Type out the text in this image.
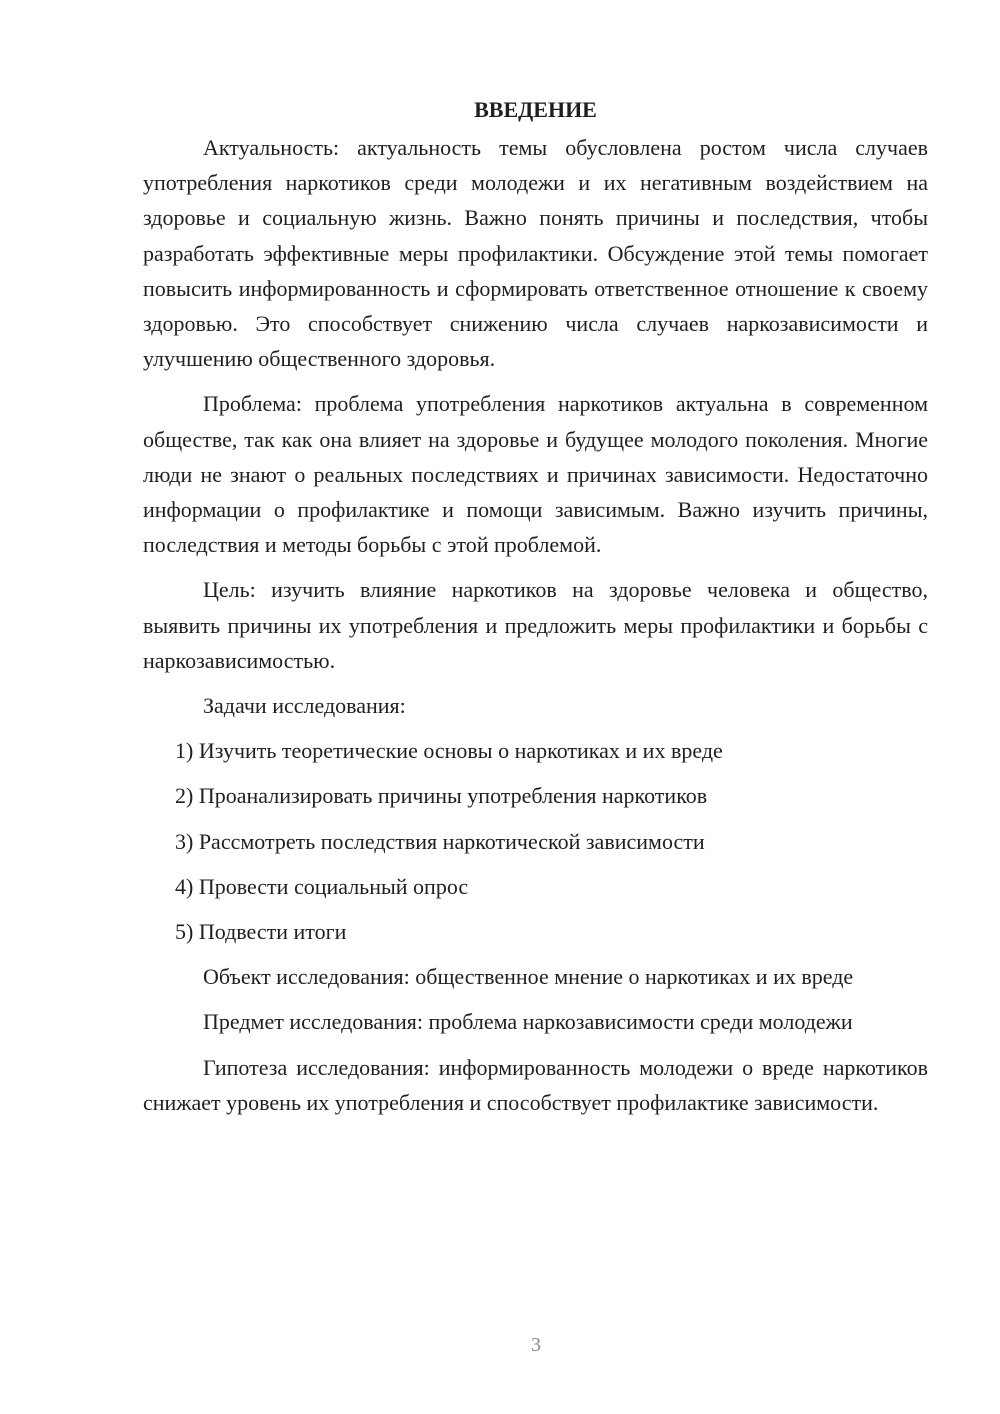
ВВЕДЕНИЕ

Актуальность: актуальность темы обусловлена ростом числа случаев употребления наркотиков среди молодежи и их негативным воздействием на здоровье и социальную жизнь. Важно понять причины и последствия, чтобы разработать эффективные меры профилактики. Обсуждение этой темы помогает повысить информированность и сформировать ответственное отношение к своему здоровью. Это способствует снижению числа случаев наркозависимости и улучшению общественного здоровья.

Проблема: проблема употребления наркотиков актуальна в современном обществе, так как она влияет на здоровье и будущее молодого поколения. Многие люди не знают о реальных последствиях и причинах зависимости. Недостаточно информации о профилактике и помощи зависимым. Важно изучить причины, последствия и методы борьбы с этой проблемой.

Цель: изучить влияние наркотиков на здоровье человека и общество, выявить причины их употребления и предложить меры профилактики и борьбы с наркозависимостью.

Задачи исследования:

1) Изучить теоретические основы о наркотиках и их вреде
2) Проанализировать причины употребления наркотиков
3) Рассмотреть последствия наркотической зависимости
4) Провести социальный опрос
5) Подвести итоги

Объект исследования: общественное мнение о наркотиках и их вреде

Предмет исследования: проблема наркозависимости среди молодежи

Гипотеза исследования: информированность молодежи о вреде наркотиков снижает уровень их употребления и способствует профилактике зависимости.

3
